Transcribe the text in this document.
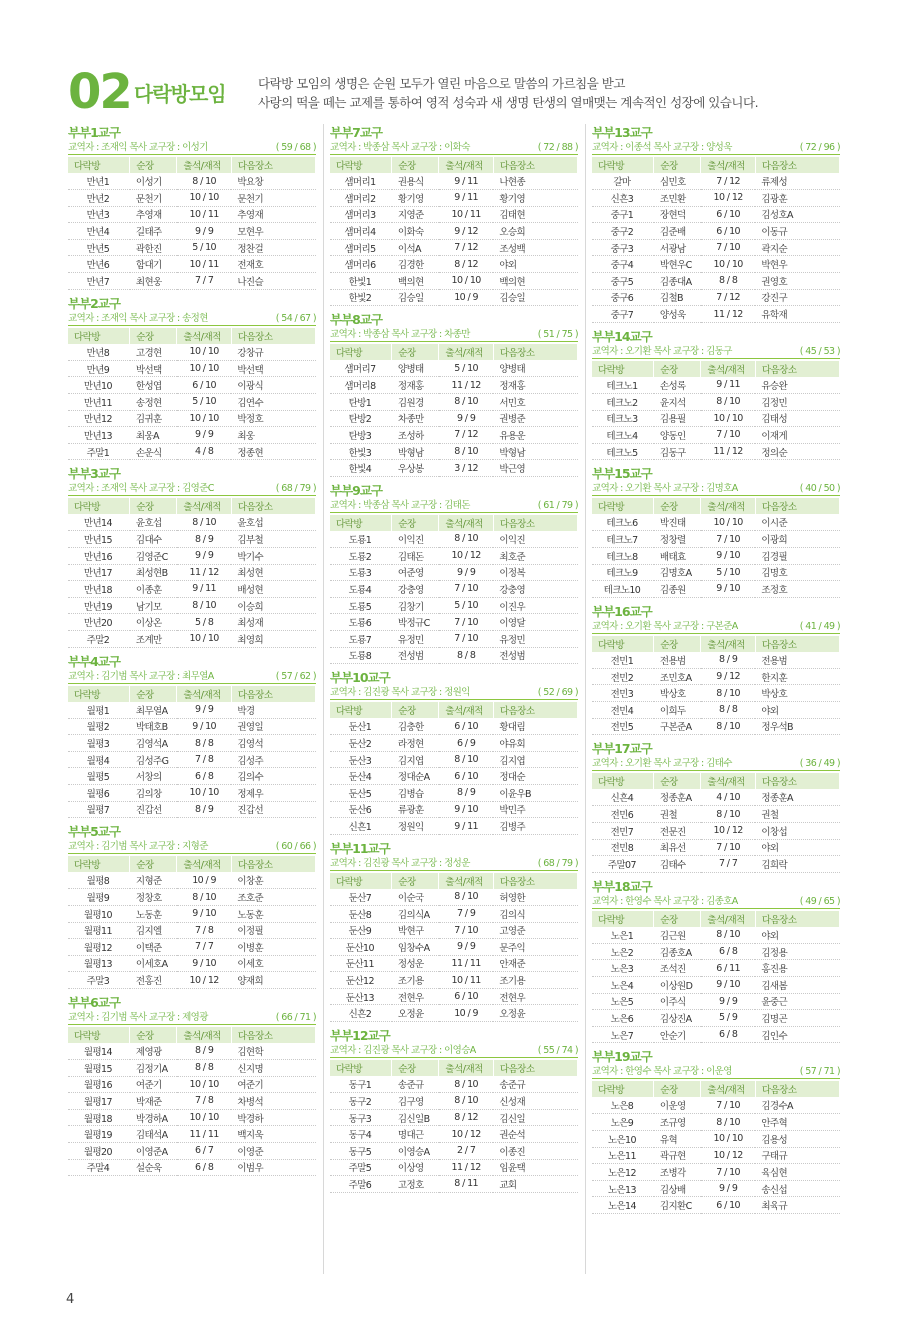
02 다락방모임	다락방 모임의 생명은 순원 모두가 열린 마음으로 말씀의 가르침을 받고
사랑의 떡을 떼는 교제를 통하여 영적 성숙과 새 생명 탄생의 열매맺는 계속적인 성장에 있습니다.
부부1교구
교역자 : 조재익 목사 교구장 : 이성기	( 59 / 68 )
다락방	순장	출석/재적	다음장소
만년1	이성기	8 / 10	박요창
만년2	문천기	10 / 10	문천기
만년3	추영재	10 / 11	추영재
만년4	길태주	9 / 9	모현우
만년5	곽한진	5 / 10	정찬걸
만년6	함대기	10 / 11	전재호
만년7	최현웅	7 / 7	나진슬
부부2교구
교역자 : 조재익 목사 교구장 : 송정현	( 54 / 67 )
다락방	순장	출석/재적	다음장소
만년8	고경현	10 / 10	강창규
만년9	박선택	10 / 10	박선택
만년10	한성엽	6 / 10	이광식
만년11	송정현	5 / 10	김연수
만년12	김귀훈	10 / 10	박정호
만년13	최웅A	9 / 9	최웅
주말1	손운식	4 / 8	정종현
부부3교구
교역자 : 조재익 목사 교구장 : 김영준C	( 68 / 79 )
다락방	순장	출석/재적	다음장소
만년14	윤호섭	8 / 10	윤호섭
만년15	김대수	8 / 9	김부철
만년16	김영준C	9 / 9	박기수
만년17	최성현B	11 / 12	최성현
만년18	이종훈	9 / 11	배성현
만년19	남기모	8 / 10	이승희
만년20	이상온	5 / 8	최성재
주말2	조계만	10 / 10	최영희
부부4교구
교역자 : 김기범 목사 교구장 : 최무열A	( 57 / 62 )
다락방	순장	출석/재적	다음장소
월평1	최무열A	9 / 9	박경
월평2	박태호B	9 / 10	권영일
월평3	김영석A	8 / 8	김영석
월평4	김성주G	7 / 8	김성주
월평5	서창의	6 / 8	김의수
월평6	김의창	10 / 10	정제우
월평7	진갑선	8 / 9	진갑선
부부5교구
교역자 : 김기범 목사 교구장 : 지형준	( 60 / 66 )
다락방	순장	출석/재적	다음장소
월평8	지형준	10 / 9	이창훈
월평9	정창호	8 / 10	조호준
월평10	노동훈	9 / 10	노동훈
월평11	김지엘	7 / 8	이정필
월평12	이택준	7 / 7	이병훈
월평13	이세호A	9 / 10	이세호
주말3	전홍진	10 / 12	양재희
부부6교구
교역자 : 김기범 목사 교구장 : 제영광	( 66 / 71 )
다락방	순장	출석/재적	다음장소
월평14	제영광	8 / 9	김현학
월평15	김정기A	8 / 8	신지명
월평16	여준기	10 / 10	여준기
월평17	박재준	7 / 8	차병석
월평18	박경하A	10 / 10	박경하
월평19	김태석A	11 / 11	백지욱
월평20	이영준A	6 / 7	이영준
주말4	설순욱	6 / 8	이범우
부부7교구
교역자 : 박종삼 목사 교구장 : 이화숙	( 72 / 88 )
다락방	순장	출석/재적	다음장소
샘머리1	권용식	9 / 11	나현종
샘머리2	황기영	9 / 11	황기영
샘머리3	지영준	10 / 11	김태현
샘머리4	이화숙	9 / 12	오승희
샘머리5	이석A	7 / 12	조성백
샘머리6	김경한	8 / 12	야외
한빛1	백의현	10 / 10	백의현
한빛2	김승일	10 / 9	김승일
부부8교구
교역자 : 박종삼 목사 교구장 : 차종만	( 51 / 75 )
다락방	순장	출석/재적	다음장소
샘머리7	양병태	5 / 10	양병태
샘머리8	정재홍	11 / 12	정재홍
탄방1	김원경	8 / 10	서민호
탄방2	차종만	9 / 9	권병준
탄방3	조성하	7 / 12	유용운
한빛3	박형남	8 / 10	박형남
한빛4	우상봉	3 / 12	박근영
부부9교구
교역자 : 박종삼 목사 교구장 : 김태돈	( 61 / 79 )
다락방	순장	출석/재적	다음장소
도룡1	이익진	8 / 10	이익진
도룡2	김태돈	10 / 12	최호준
도룡3	여준영	9 / 9	이정복
도룡4	강충영	7 / 10	강충영
도룡5	김창기	5 / 10	이진우
도룡6	박정규C	7 / 10	이영달
도룡7	유정민	7 / 10	유정민
도룡8	전성범	8 / 8	전성범
부부10교구
교역자 : 김진광 목사 교구장 : 정원익	( 52 / 69 )
다락방	순장	출석/재적	다음장소
둔산1	김충한	6 / 10	황대림
둔산2	라정현	6 / 9	야유회
둔산3	김지엽	8 / 10	김지엽
둔산4	정대순A	6 / 10	정대순
둔산5	김병습	8 / 9	이윤우B
둔산6	류광훈	9 / 10	박민주
신흔1	정원익	9 / 11	김병주
부부11교구
교역자 : 김진광 목사 교구장 : 정성운	( 68 / 79 )
다락방	순장	출석/재적	다음장소
둔산7	이순국	8 / 10	허영한
둔산8	김의식A	7 / 9	김의식
둔산9	박현구	7 / 10	고영준
둔산10	임창수A	9 / 9	문주익
둔산11	정성운	11 / 11	안재준
둔산12	조기용	10 / 11	조기용
둔산13	전현우	6 / 10	전현우
신흔2	오정윤	10 / 9	오정윤
부부12교구
교역자 : 김진광 목사 교구장 : 이영승A	( 55 / 74 )
다락방	순장	출석/재적	다음장소
동구1	송준규	8 / 10	송준규
동구2	김구영	8 / 10	신성재
동구3	김신일B	8 / 12	김신일
동구4	명대근	10 / 12	권순석
동구5	이영승A	2 / 7	이종진
주말5	이상영	11 / 12	임윤택
주말6	고정호	8 / 11	교회
부부13교구
교역자 : 이종석 목사 교구장 : 양성욱	( 72 / 96 )
다락방	순장	출석/재적	다음장소
갈마	심민호	7 / 12	류제성
신흔3	조민환	10 / 12	김광훈
중구1	장현덕	6 / 10	김성호A
중구2	김준배	6 / 10	이동규
중구3	서광남	7 / 10	곽지순
중구4	박현우C	10 / 10	박현우
중구5	김종대A	8 / 8	권영호
중구6	김철B	7 / 12	강진구
중구7	양성욱	11 / 12	유학재
부부14교구
교역자 : 오기환 목사 교구장 : 김동구	( 45 / 53 )
다락방	순장	출석/재적	다음장소
테크노1	손성록	9 / 11	유승완
테크노2	윤지석	8 / 10	김정민
테크노3	김용필	10 / 10	김태성
테크노4	양동인	7 / 10	이재게
테크노5	김동구	11 / 12	정의순
부부15교구
교역자 : 오기환 목사 교구장 : 김명호A	( 40 / 50 )
다락방	순장	출석/재적	다음장소
테크노6	박진태	10 / 10	이시준
테크노7	정창렬	7 / 10	이광희
테크노8	배태효	9 / 10	김경필
테크노9	김명호A	5 / 10	김명호
테크노10	김종원	9 / 10	조정호
부부16교구
교역자 : 오기환 목사 교구장 : 구본준A	( 41 / 49 )
다락방	순장	출석/재적	다음장소
전민1	전용범	8 / 9	전용범
전민2	조민호A	9 / 12	한지훈
전민3	박상호	8 / 10	박상호
전민4	이희두	8 / 8	야외
전민5	구본준A	8 / 10	정우석B
부부17교구
교역자 : 오기환 목사 교구장 : 김태수	( 36 / 49 )
다락방	순장	출석/재적	다음장소
신흔4	정종훈A	4 / 10	정종훈A
전민6	권철	8 / 10	권철
전민7	전문진	10 / 12	이창섭
전민8	최유선	7 / 10	야외
주말07	김태수	7 / 7	김희락
부부18교구
교역자 : 한영수 목사 교구장 : 김종호A	( 49 / 65 )
다락방	순장	출석/재적	다음장소
노은1	김근원	8 / 10	야외
노은2	김종호A	6 / 8	김정용
노은3	조석진	6 / 11	홍진용
노은4	이상원D	9 / 10	김새봄
노은5	이주식	9 / 9	윤중근
노은6	김상진A	5 / 9	김명곤
노은7	안순기	6 / 8	김인수
부부19교구
교역자 : 한영수 목사 교구장 : 이운영	( 57 / 71 )
다락방	순장	출석/재적	다음장소
노은8	이운영	7 / 10	김경수A
노은9	조규영	8 / 10	안주혁
노은10	유혁	10 / 10	김용성
노은11	곽규현	10 / 12	구태규
노은12	조병각	7 / 10	육심현
노은13	김상배	9 / 9	송신섭
노은14	김지환C	6 / 10	최육규
4
